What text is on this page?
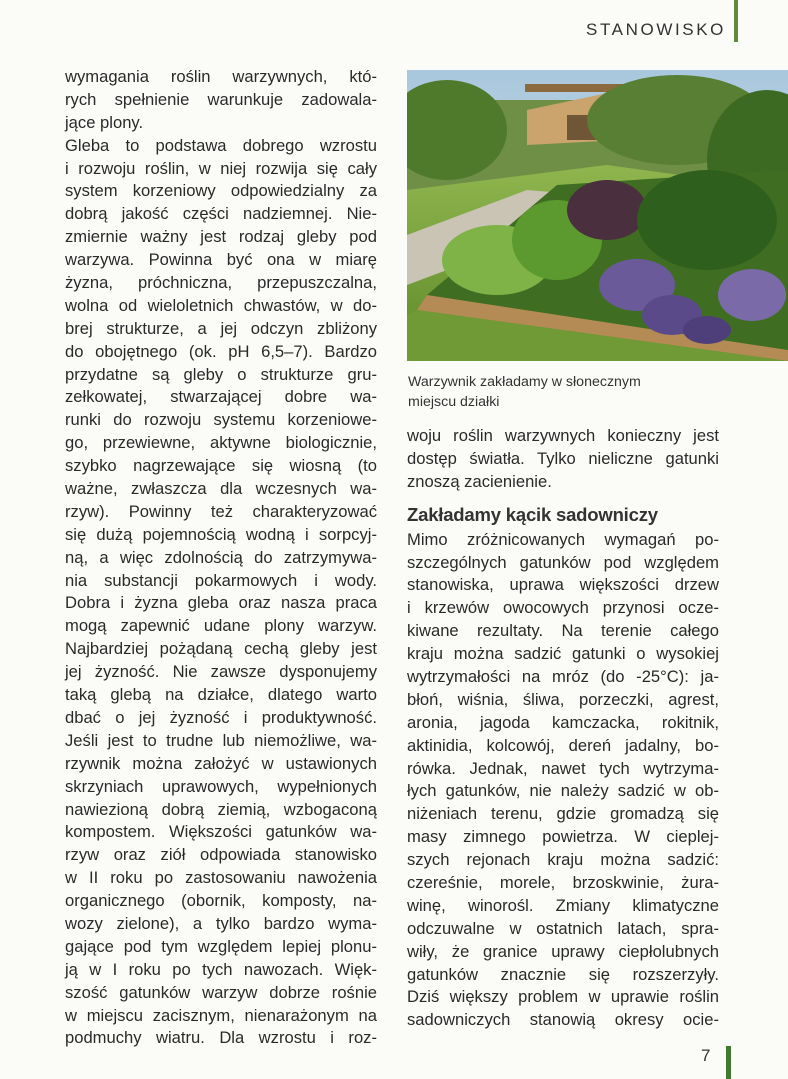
STANOWISKO
wymagania roślin warzywnych, któ-
rych spełnienie warunkuje zadowala-
jące plony.
Gleba to podstawa dobrego wzrostu
i rozwoju roślin, w niej rozwija się cały
system korzeniowy odpowiedzialny za
dobrą jakość części nadziemnej. Nie-
zmiernie ważny jest rodzaj gleby pod
warzywa. Powinna być ona w miarę
żyzna, próchniczna, przepuszczalna,
wolna od wieloletnich chwastów, w do-
brej strukturze, a jej odczyn zbliżony
do obojętnego (ok. pH 6,5–7). Bardzo
przydatne są gleby o strukturze gru-
zełkowatej, stwarzającej dobre wa-
runki do rozwoju systemu korzeniowe-
go, przewiewne, aktywne biologicznie,
szybko nagrzewające się wiosną (to
ważne, zwłaszcza dla wczesnych wa-
rzyw). Powinny też charakteryzować
się dużą pojemnością wodną i sorpcyj-
ną, a więc zdolnością do zatrzymywa-
nia substancji pokarmowych i wody.
Dobra i żyzna gleba oraz nasza praca
mogą zapewnić udane plony warzyw.
Najbardziej pożądaną cechą gleby jest
jej żyzność. Nie zawsze dysponujemy
taką glebą na działce, dlatego warto
dbać o jej żyzność i produktywność.
Jeśli jest to trudne lub niemożliwe, wa-
rzywnik można założyć w ustawionych
skrzyniach uprawowych, wypełnionych
nawiezioną dobrą ziemią, wzbogaconą
kompostem. Większości gatunków wa-
rzyw oraz ziół odpowiada stanowisko
w II roku po zastosowaniu nawożenia
organicznego (obornik, komposty, na-
wozy zielone), a tylko bardzo wyma-
gające pod tym względem lepiej plonu-
ją w I roku po tych nawozach. Więk-
szość gatunków warzyw dobrze rośnie
w miejscu zacisznym, nienarażonym na
podmuchy wiatru. Dla wzrostu i roz-
Warzywnik zakładamy w słonecznym
miejscu działki
woju roślin warzywnych konieczny jest
dostęp światła. Tylko nieliczne gatunki
znoszą zacienienie.
Zakładamy kącik sadowniczy
Mimo zróżnicowanych wymagań po-
szczególnych gatunków pod względem
stanowiska, uprawa większości drzew
i krzewów owocowych przynosi ocze-
kiwane rezultaty. Na terenie całego
kraju można sadzić gatunki o wysokiej
wytrzymałości na mróz (do -25°C): ja-
błoń, wiśnia, śliwa, porzeczki, agrest,
aronia, jagoda kamczacka, rokitnik,
aktinidia, kolcowój, dereń jadalny, bo-
rówka. Jednak, nawet tych wytrzyma-
łych gatunków, nie należy sadzić w ob-
niżeniach terenu, gdzie gromadzą się
masy zimnego powietrza. W cieplej-
szych rejonach kraju można sadzić:
czereśnie, morele, brzoskwinie, żura-
winę, winorośl. Zmiany klimatyczne
odczuwalne w ostatnich latach, spra-
wiły, że granice uprawy ciepłolubnych
gatunków znacznie się rozszerzyły.
Dziś większy problem w uprawie roślin
sadowniczych stanowią okresy ocie-
7
